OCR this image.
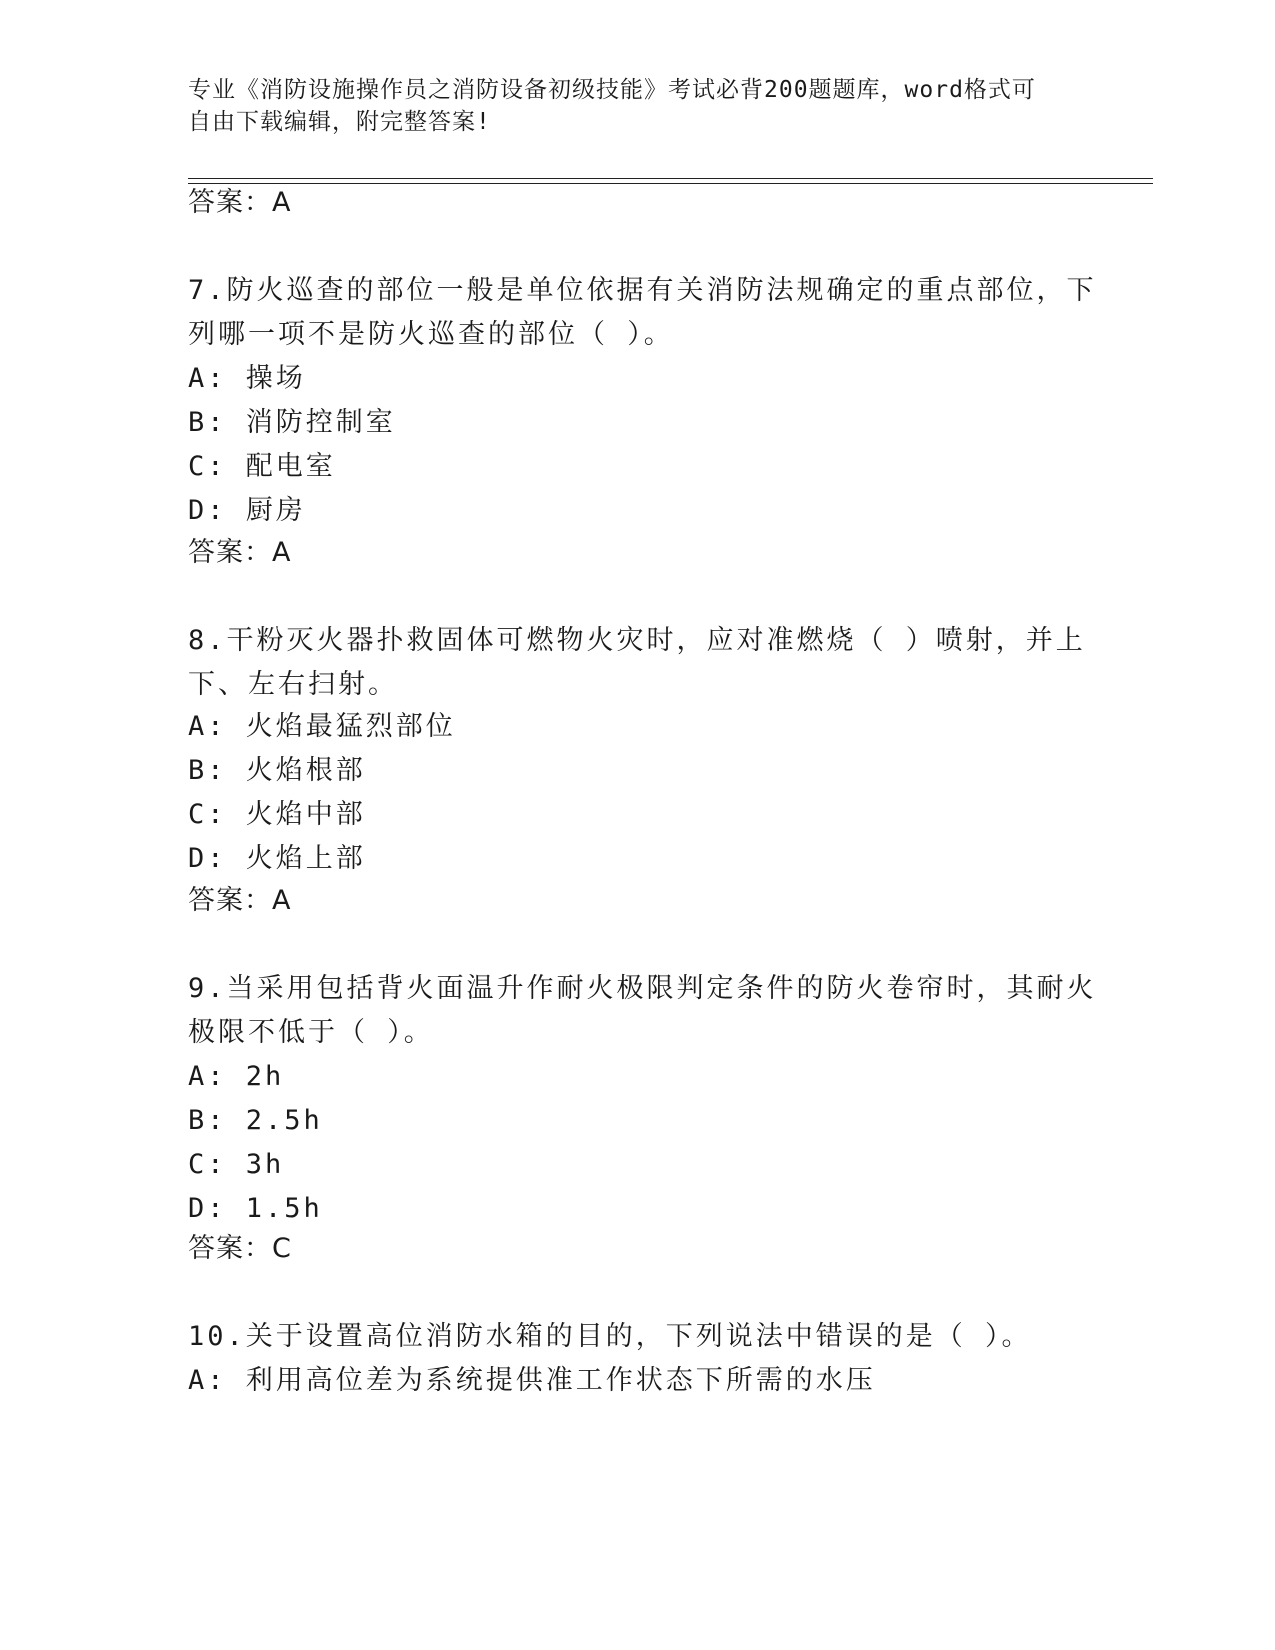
专业《消防设施操作员之消防设备初级技能》考试必背200题题库，word格式可
自由下载编辑，附完整答案!
答案：A
7.防火巡查的部位一般是单位依据有关消防法规确定的重点部位，下
列哪一项不是防火巡查的部位（ ）。
A: 操场
B: 消防控制室
C: 配电室
D: 厨房
答案：A
8.干粉灭火器扑救固体可燃物火灾时，应对准燃烧（ ）喷射，并上
下、左右扫射。
A: 火焰最猛烈部位
B: 火焰根部
C: 火焰中部
D: 火焰上部
答案：A
9.当采用包括背火面温升作耐火极限判定条件的防火卷帘时，其耐火
极限不低于（ ）。
A: 2h
B: 2.5h
C: 3h
D: 1.5h
答案：C
10.关于设置高位消防水箱的目的，下列说法中错误的是（ ）。
A: 利用高位差为系统提供准工作状态下所需的水压
